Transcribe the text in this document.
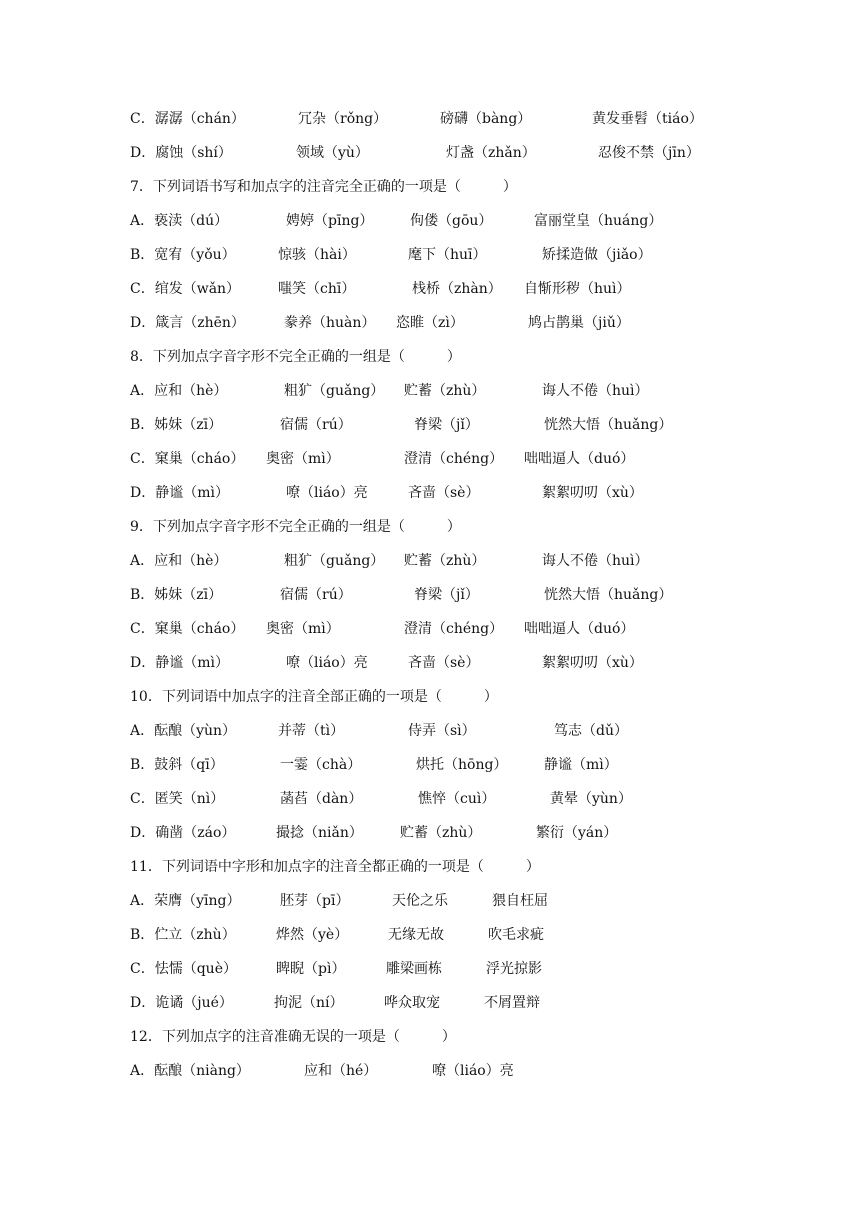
C．潺潺（chán）	冗杂（rǒng）	磅礴（bàng）	黄发垂髫（tiáo）
D．腐蚀（shí）	领域（yù）	灯盏（zhǎn）	忍俊不禁（jīn）
7．下列词语书写和加点字的注音完全正确的一项是（　　　）
A．亵渎（dú）	娉婷（pīng）	佝偻（gōu）	富丽堂皇（huáng）
B．宽宥（yǒu）	惊骇（hài）	麾下（huī）	矫揉造做（jiǎo）
C．绾发（wǎn）	嗤笑（chī）	栈桥（zhàn） 自惭形秽（huì）
D．箴言（zhēn）	豢养（huàn） 恣睢（zì）	鸠占鹊巢（jiǔ）
8．下列加点字音字形不完全正确的一组是（　　　）
A．应和（hè）	粗犷（guǎng） 贮蓄（zhù）	诲人不倦（huì）
B．姊妹（zī）	宿儒（rú）	脊梁（jǐ）	恍然大悟（huǎng）
C．窠巢（cháo） 奥密（mì）	澄清（chéng） 咄咄逼人（duó）
D．静谧（mì）	嘹（liáo）亮	吝啬（sè）	絮絮叨叨（xù）
9．下列加点字音字形不完全正确的一组是（　　　）
A．应和（hè）	粗犷（guǎng） 贮蓄（zhù）	诲人不倦（huì）
B．姊妹（zī）	宿儒（rú）	脊梁（jǐ）	恍然大悟（huǎng）
C．窠巢（cháo） 奥密（mì）	澄清（chéng） 咄咄逼人（duó）
D．静谧（mì）	嘹（liáo）亮	吝啬（sè）	絮絮叨叨（xù）
10．下列词语中加点字的注音全部正确的一项是（　　　）
A．酝酿（yùn）	并蒂（tì）	侍弄（sì）	笃志（dǔ）
B．鼓斜（qī）	一霎（chà）	烘托（hōng）	静谧（mì）
C．匿笑（nì）	菡萏（dàn）	憔悴（cuì）	黄晕（yùn）
D．确凿（záo）	撮捻（niǎn）	贮蓄（zhù）	繁衍（yán）
11．下列词语中字形和加点字的注音全都正确的一项是（　　　）
A．荣膺（yīng）	胚芽（pī）	天伦之乐	猥自枉屈
B．伫立（zhù）	烨然（yè）	无缘无故	吹毛求疵
C．怯懦（què）	睥睨（pì）	雕梁画栋	浮光掠影
D．诡谲（jué）	拘泥（ní）	哗众取宠	不屑置辩
12．下列加点字的注音准确无误的一项是（　　　）
A．酝酿（niàng）	应和（hé）	嘹（liáo）亮
